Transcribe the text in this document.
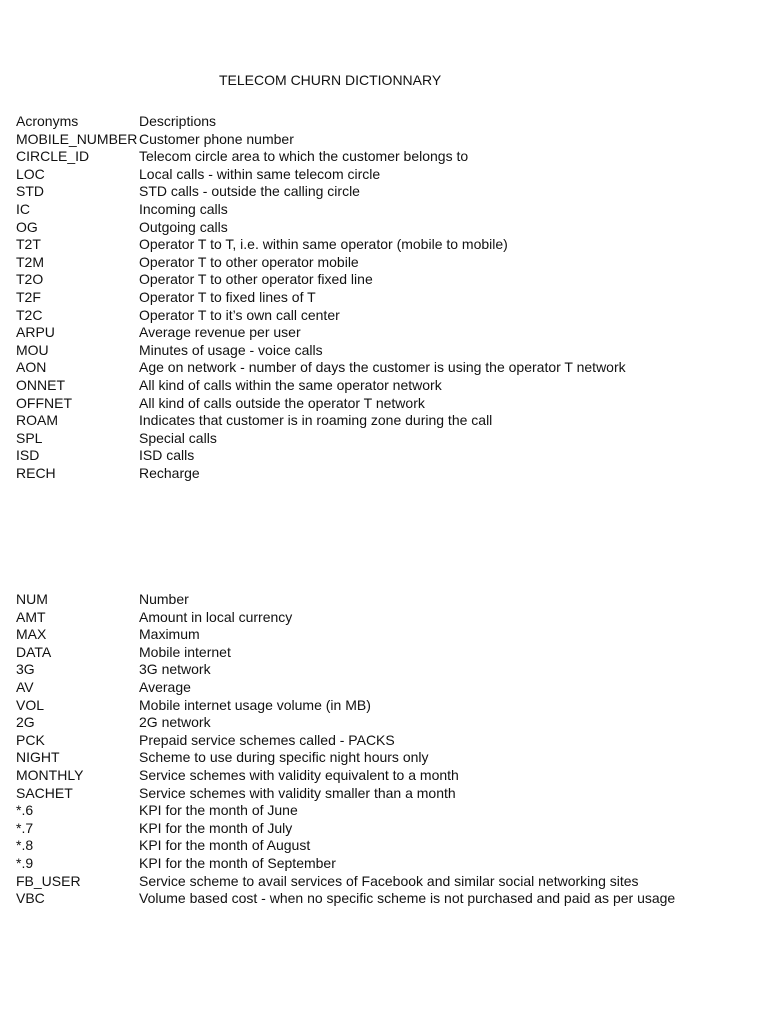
TELECOM CHURN DICTIONNARY
Acronyms	Descriptions
MOBILE_NUMBER Customer phone number
CIRCLE_ID	Telecom circle area to which the customer belongs to
LOC	Local calls - within same telecom circle
STD	STD calls - outside the calling circle
IC	Incoming calls
OG	Outgoing calls
T2T	Operator T to T, i.e. within same operator (mobile to mobile)
T2M	Operator T to other operator mobile
T2O	Operator T to other operator fixed line
T2F	Operator T to fixed lines of T
T2C	Operator T to it’s own call center
ARPU	Average revenue per user
MOU	Minutes of usage - voice calls
AON	Age on network - number of days the customer is using the operator T network
ONNET	All kind of calls within the same operator network
OFFNET	All kind of calls outside the operator T network
ROAM	Indicates that customer is in roaming zone during the call
SPL	Special calls
ISD	ISD calls
RECH	Recharge
NUM	Number
AMT	Amount in local currency
MAX	Maximum
DATA	Mobile internet
3G	3G network
AV	Average
VOL	Mobile internet usage volume (in MB)
2G	2G network
PCK	Prepaid service schemes called - PACKS
NIGHT	Scheme to use during specific night hours only
MONTHLY	Service schemes with validity equivalent to a month
SACHET	Service schemes with validity smaller than a month
*.6	KPI for the month of June
*.7	KPI for the month of July
*.8	KPI for the month of August
*.9	KPI for the month of September
FB_USER	Service scheme to avail services of Facebook and similar social networking sites
VBC	Volume based cost - when no specific scheme is not purchased and paid as per usage
